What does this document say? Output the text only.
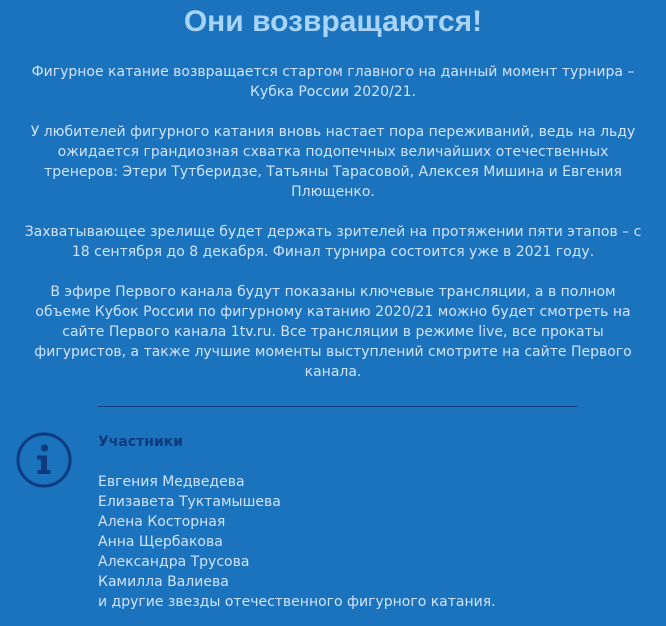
Они возвращаются!

Фигурное катание возвращается стартом главного на данный момент турнира – Кубка России 2020/21.

У любителей фигурного катания вновь настает пора переживаний, ведь на льду ожидается грандиозная схватка подопечных величайших отечественных тренеров: Этери Тутберидзе, Татьяны Тарасовой, Алексея Мишина и Евгения Плющенко.

Захватывающее зрелище будет держать зрителей на протяжении пяти этапов – с 18 сентября до 8 декабря. Финал турнира состоится уже в 2021 году.

В эфире Первого канала будут показаны ключевые трансляции, а в полном объеме Кубок России по фигурному катанию 2020/21 можно будет смотреть на сайте Первого канала 1tv.ru. Все трансляции в режиме live, все прокаты фигуристов, а также лучшие моменты выступлений смотрите на сайте Первого канала.

Участники
Евгения Медведева
Елизавета Туктамышева
Алена Косторная
Анна Щербакова
Александра Трусова
Камилла Валиева
и другие звезды отечественного фигурного катания.
